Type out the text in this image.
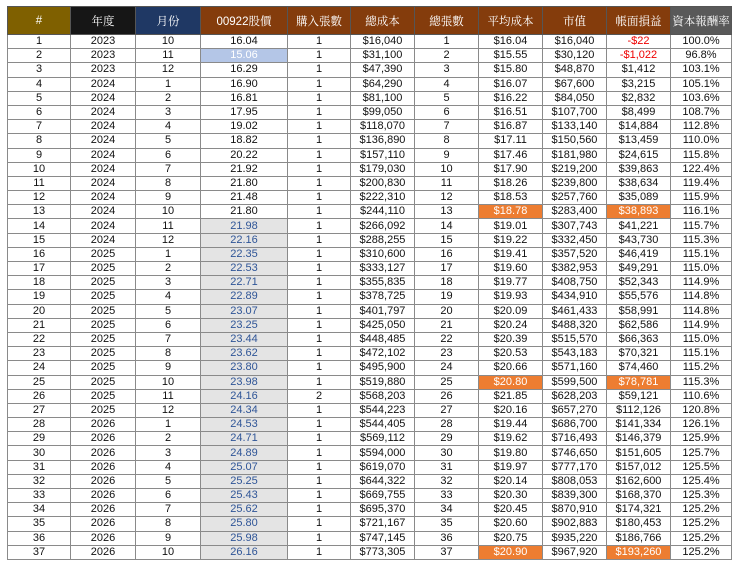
#	年度	月份	00922股價	購入張數	總成本	總張數	平均成本	市值	帳面損益	資本報酬率
1	2023	10	16.04	1	$16,040	1	$16.04	$16,040	-$22	100.0%
2	2023	11	15.06	1	$31,100	2	$15.55	$30,120	-$1,022	96.8%
3	2023	12	16.29	1	$47,390	3	$15.80	$48,870	$1,412	103.1%
4	2024	1	16.90	1	$64,290	4	$16.07	$67,600	$3,215	105.1%
5	2024	2	16.81	1	$81,100	5	$16.22	$84,050	$2,832	103.6%
6	2024	3	17.95	1	$99,050	6	$16.51	$107,700	$8,499	108.7%
7	2024	4	19.02	1	$118,070	7	$16.87	$133,140	$14,884	112.8%
8	2024	5	18.82	1	$136,890	8	$17.11	$150,560	$13,459	110.0%
9	2024	6	20.22	1	$157,110	9	$17.46	$181,980	$24,615	115.8%
10	2024	7	21.92	1	$179,030	10	$17.90	$219,200	$39,863	122.4%
11	2024	8	21.80	1	$200,830	11	$18.26	$239,800	$38,634	119.4%
12	2024	9	21.48	1	$222,310	12	$18.53	$257,760	$35,089	115.9%
13	2024	10	21.80	1	$244,110	13	$18.78	$283,400	$38,893	116.1%
14	2024	11	21.98	1	$266,092	14	$19.01	$307,743	$41,221	115.7%
15	2024	12	22.16	1	$288,255	15	$19.22	$332,450	$43,730	115.3%
16	2025	1	22.35	1	$310,600	16	$19.41	$357,520	$46,419	115.1%
17	2025	2	22.53	1	$333,127	17	$19.60	$382,953	$49,291	115.0%
18	2025	3	22.71	1	$355,835	18	$19.77	$408,750	$52,343	114.9%
19	2025	4	22.89	1	$378,725	19	$19.93	$434,910	$55,576	114.8%
20	2025	5	23.07	1	$401,797	20	$20.09	$461,433	$58,991	114.8%
21	2025	6	23.25	1	$425,050	21	$20.24	$488,320	$62,586	114.9%
22	2025	7	23.44	1	$448,485	22	$20.39	$515,570	$66,363	115.0%
23	2025	8	23.62	1	$472,102	23	$20.53	$543,183	$70,321	115.1%
24	2025	9	23.80	1	$495,900	24	$20.66	$571,160	$74,460	115.2%
25	2025	10	23.98	1	$519,880	25	$20.80	$599,500	$78,781	115.3%
26	2025	11	24.16	2	$568,203	26	$21.85	$628,203	$59,121	110.6%
27	2025	12	24.34	1	$544,223	27	$20.16	$657,270	$112,126	120.8%
28	2026	1	24.53	1	$544,405	28	$19.44	$686,700	$141,334	126.1%
29	2026	2	24.71	1	$569,112	29	$19.62	$716,493	$146,379	125.9%
30	2026	3	24.89	1	$594,000	30	$19.80	$746,650	$151,605	125.7%
31	2026	4	25.07	1	$619,070	31	$19.97	$777,170	$157,012	125.5%
32	2026	5	25.25	1	$644,322	32	$20.14	$808,053	$162,600	125.4%
33	2026	6	25.43	1	$669,755	33	$20.30	$839,300	$168,370	125.3%
34	2026	7	25.62	1	$695,370	34	$20.45	$870,910	$174,321	125.2%
35	2026	8	25.80	1	$721,167	35	$20.60	$902,883	$180,453	125.2%
36	2026	9	25.98	1	$747,145	36	$20.75	$935,220	$186,766	125.2%
37	2026	10	26.16	1	$773,305	37	$20.90	$967,920	$193,260	125.2%
